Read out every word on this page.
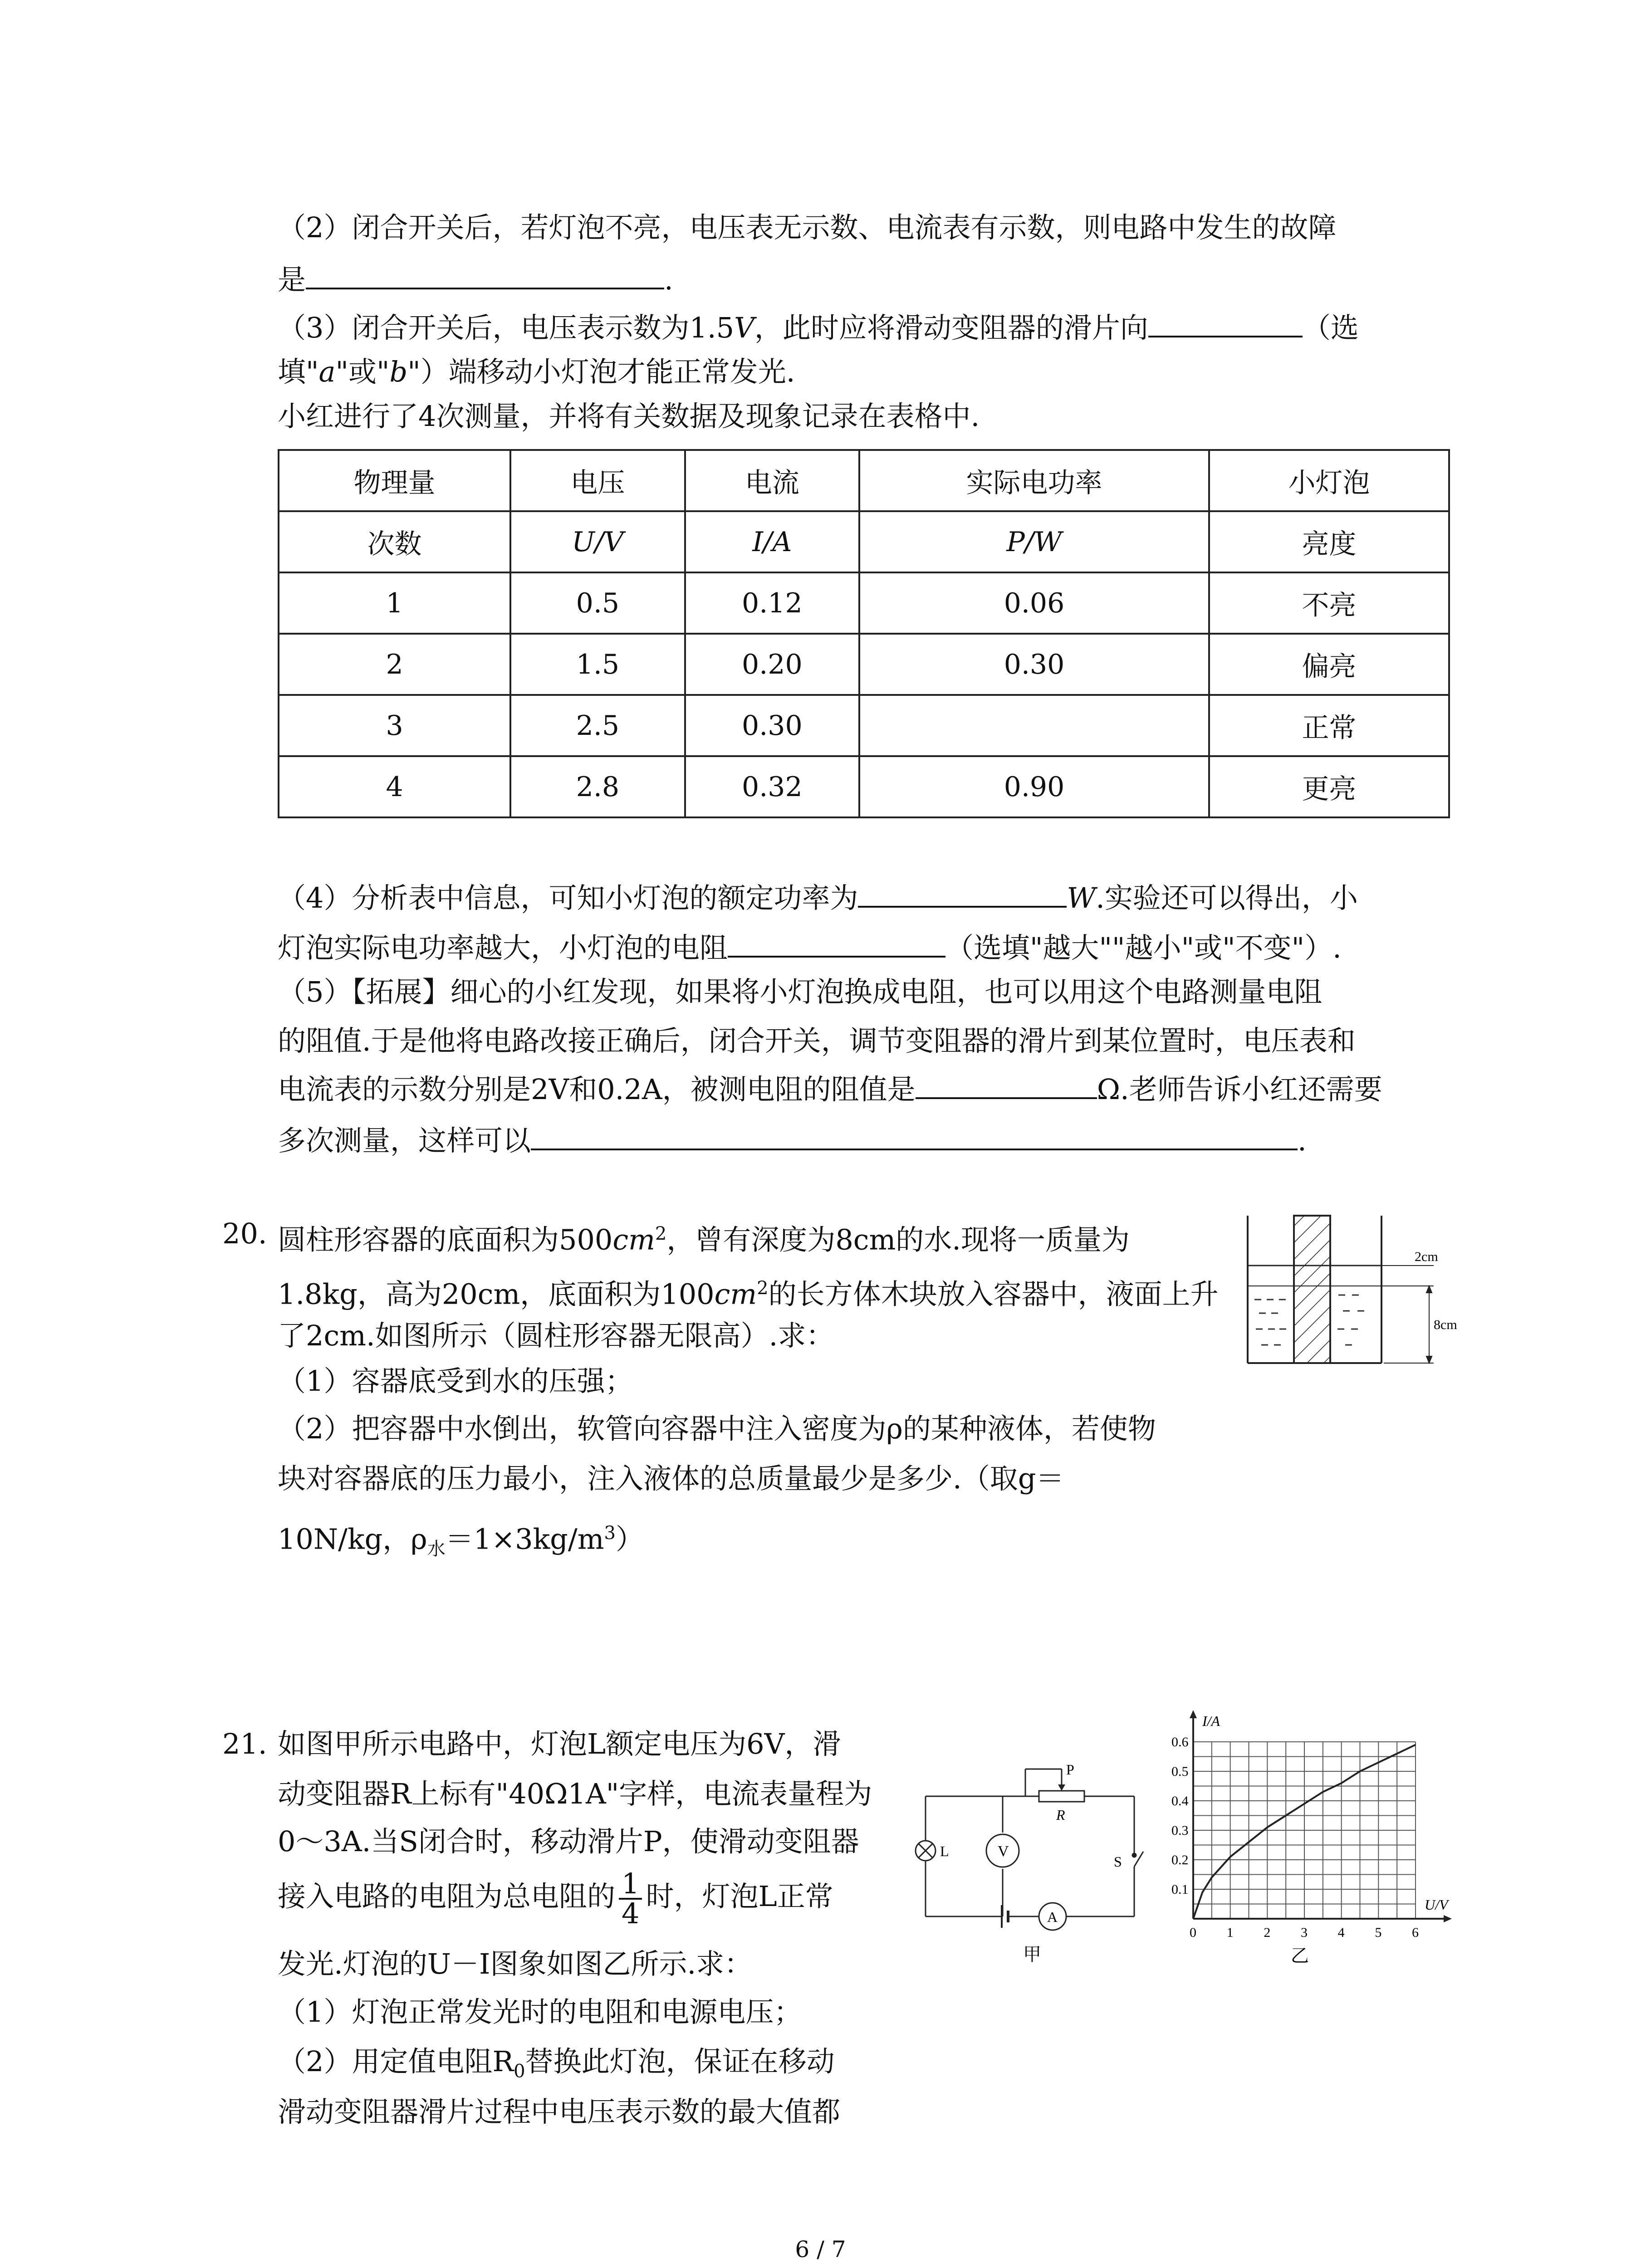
（2）闭合开关后，若灯泡不亮，电压表无示数、电流表有示数，则电路中发生的故障
是	.
（3）闭合开关后，电压表示数为1.5V，此时应将滑动变阻器的滑片向	（选
填"a"或"b"）端移动小灯泡才能正常发光.
小红进行了4次测量，并将有关数据及现象记录在表格中.
物理量	电压	电流	实际电功率	小灯泡
次数	U/V	I/A	P/W	亮度
1	0.5	0.12	0.06	不亮
2	1.5	0.20	0.30	偏亮
3	2.5	0.30		正常
4	2.8	0.32	0.90	更亮
（4）分析表中信息，可知小灯泡的额定功率为	W.实验还可以得出，小
灯泡实际电功率越大，小灯泡的电阻	（选填"越大""越小"或"不变"）.
（5）【拓展】细心的小红发现，如果将小灯泡换成电阻，也可以用这个电路测量电阻
的阻值.于是他将电路改接正确后，闭合开关，调节变阻器的滑片到某位置时，电压表和
电流表的示数分别是2V和0.2A，被测电阻的阻值是	Ω.老师告诉小红还需要
多次测量，这样可以	.
20. 圆柱形容器的底面积为$500cm^2$，曾有深度为8cm的水.现将一质量为
1.8kg，高为20cm，底面积为$100cm^2$的长方体木块放入容器中，液面上升
了2cm.如图所示（圆柱形容器无限高）.求：
（1）容器底受到水的压强；
（2）把容器中水倒出，软管向容器中注入密度为ρ的某种液体，若使物
块对容器底的压力最小，注入液体的总质量最少是多少.（取g＝
10N/kg，$\rho_水=1\times 3kg/m^3$）
2cm
8cm
21. 如图甲所示电路中，灯泡L额定电压为6V，滑
动变阻器R上标有"40Ω1A"字样，电流表量程为
0～3A.当S闭合时，移动滑片P，使滑动变阻器
接入电路的电阻为总电阻的 $\frac{1}{4}$ 时，灯泡L正常
发光.灯泡的U－I图象如图乙所示.求：
（1）灯泡正常发光时的电阻和电源电压；
（2）用定值电阻$R_0$替换此灯泡，保证在移动
滑动变阻器滑片过程中电压表示数的最大值都
P
R
L	V
A
S
甲
0 1 2 3 4 5 6
0.1
0.2
0.3
0.4
0.5
0.6
U/V
I/A
乙
6 / 7
